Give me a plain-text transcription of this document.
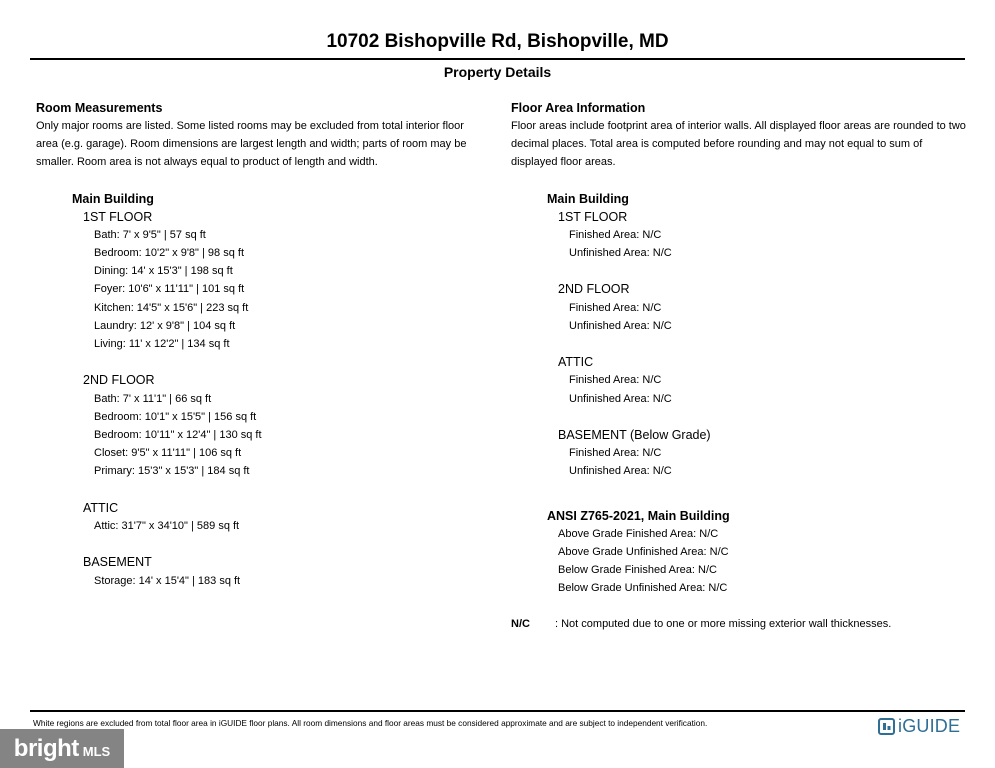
10702 Bishopville Rd, Bishopville, MD
Property Details
Room Measurements
Only major rooms are listed. Some listed rooms may be excluded from total interior floor area (e.g. garage). Room dimensions are largest length and width; parts of room may be smaller. Room area is not always equal to product of length and width.
Main Building
1ST FLOOR
Bath: 7' x 9'5" | 57 sq ft
Bedroom: 10'2" x 9'8" | 98 sq ft
Dining: 14' x 15'3" | 198 sq ft
Foyer: 10'6" x 11'11" | 101 sq ft
Kitchen: 14'5" x 15'6" | 223 sq ft
Laundry: 12' x 9'8" | 104 sq ft
Living: 11' x 12'2" | 134 sq ft
2ND FLOOR
Bath: 7' x 11'1" | 66 sq ft
Bedroom: 10'1" x 15'5" | 156 sq ft
Bedroom: 10'11" x 12'4" | 130 sq ft
Closet: 9'5" x 11'11" | 106 sq ft
Primary: 15'3" x 15'3" | 184 sq ft
ATTIC
Attic: 31'7" x 34'10" | 589 sq ft
BASEMENT
Storage: 14' x 15'4" | 183 sq ft
Floor Area Information
Floor areas include footprint area of interior walls. All displayed floor areas are rounded to two decimal places. Total area is computed before rounding and may not equal to sum of displayed floor areas.
Main Building
1ST FLOOR
Finished Area: N/C
Unfinished Area: N/C
2ND FLOOR
Finished Area: N/C
Unfinished Area: N/C
ATTIC
Finished Area: N/C
Unfinished Area: N/C
BASEMENT (Below Grade)
Finished Area: N/C
Unfinished Area: N/C
ANSI Z765-2021, Main Building
Above Grade Finished Area: N/C
Above Grade Unfinished Area: N/C
Below Grade Finished Area: N/C
Below Grade Unfinished Area: N/C
N/C	: Not computed due to one or more missing exterior wall thicknesses.
White regions are excluded from total floor area in iGUIDE floor plans. All room dimensions and floor areas must be considered approximate and are subject to independent verification.	iGUIDE
bright MLS
